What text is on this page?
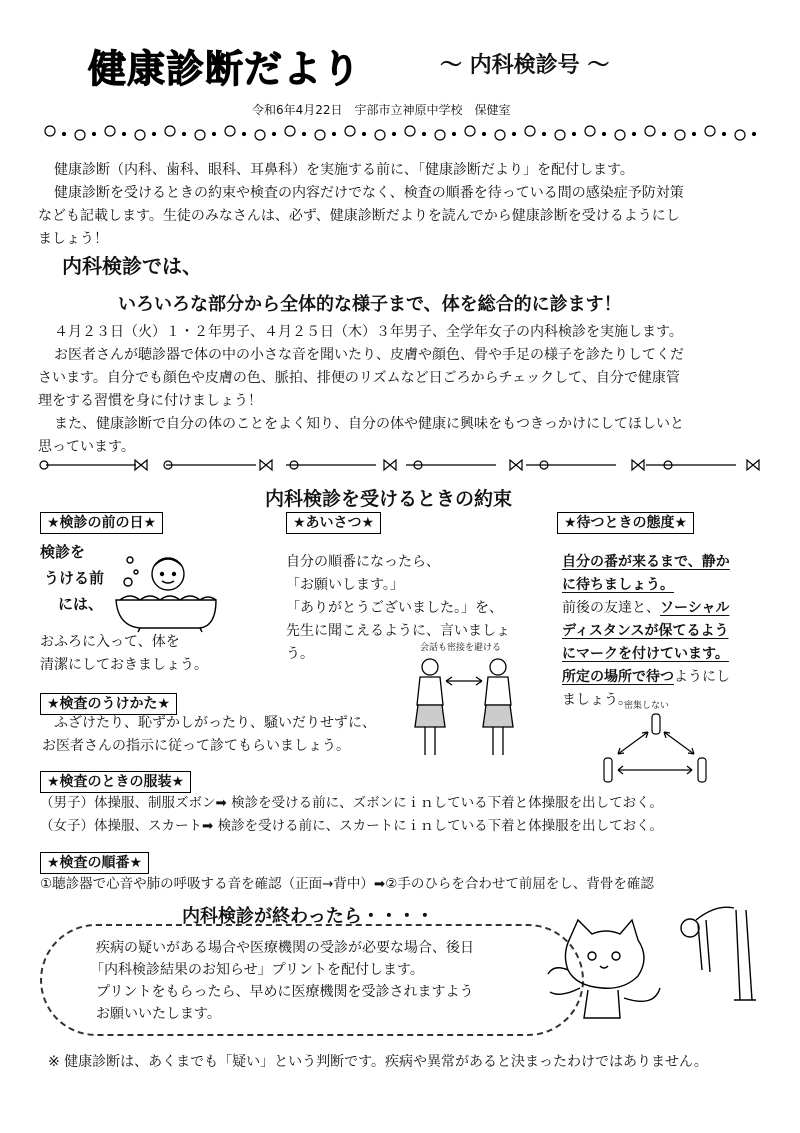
健康診断だより	～ 内科検診号 ～
令和6年4月22日　宇部市立神原中学校　保健室
健康診断（内科、歯科、眼科、耳鼻科）を実施する前に、「健康診断だより」を配付します。
健康診断を受けるときの約束や検査の内容だけでなく、検査の順番を待っている間の感染症予防対策
なども記載します。生徒のみなさんは、必ず、健康診断だよりを読んでから健康診断を受けるようにし
ましょう！
内科検診では、
いろいろな部分から全体的な様子まで、体を総合的に診ます！
４月２３日（火）１・２年男子、４月２５日（木）３年男子、全学年女子の内科検診を実施します。
お医者さんが聴診器で体の中の小さな音を聞いたり、皮膚や顔色、骨や手足の様子を診たりしてくだ
さいます。自分でも顔色や皮膚の色、脈拍、排便のリズムなど日ごろからチェックして、自分で健康管
理をする習慣を身に付けましょう！
また、健康診断で自分の体のことをよく知り、自分の体や健康に興味をもつきっかけにしてほしいと
思っています。
内科検診を受けるときの約束
★検診の前の日★
検診を
うける前
には、
おふろに入って、体を
清潔にしておきましょう。
★あいさつ★
自分の順番になったら、
「お願いします。」
「ありがとうございました。」を、
先生に聞こえるように、言いましょ
う。	会話も密接を避ける
★待つときの態度★
自分の番が来るまで、静か
に待ちましょう。
前後の友達と、ソーシャル
ディスタンスが保てるよう
にマークを付けています。
所定の場所で待つようにし
ましょう。
密集しない
★検査のうけかた★
ふざけたり、恥ずかしがったり、騒いだりせずに、
お医者さんの指示に従って診てもらいましょう。
★検査のときの服装★
（男子）体操服、制服ズボン➡ 検診を受ける前に、ズボンにｉｎしている下着と体操服を出しておく。
（女子）体操服、スカート➡ 検診を受ける前に、スカートにｉｎしている下着と体操服を出しておく。
★検査の順番★
①聴診器で心音や肺の呼吸する音を確認（正面→背中）➡②手のひらを合わせて前屈をし、背骨を確認
内科検診が終わったら・・・・
疾病の疑いがある場合や医療機関の受診が必要な場合、後日
「内科検診結果のお知らせ」プリントを配付します。
プリントをもらったら、早めに医療機関を受診されますよう
お願いいたします。
※ 健康診断は、あくまでも「疑い」という判断です。疾病や異常があると決まったわけではありません。
